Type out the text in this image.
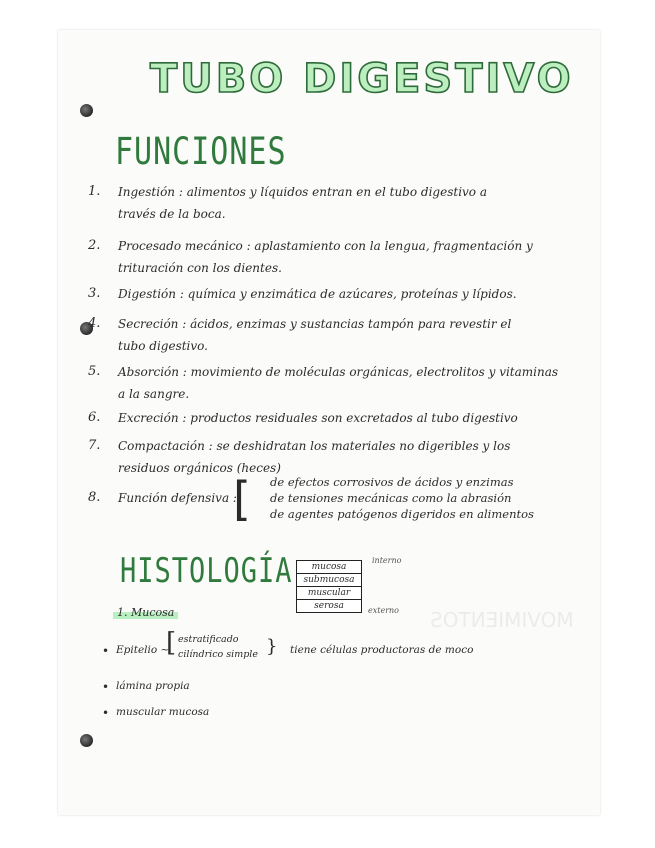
MOVIMIENTOS
TUBO DIGESTIVO
FUNCIONES
1. Ingestión : alimentos y líquidos entran en el tubo digestivo a
través de la boca.
2. Procesado mecánico : aplastamiento con la lengua, fragmentación y
trituración con los dientes.
3. Digestión : química y enzimática de azúcares, proteínas y lípidos.
4. Secreción : ácidos, enzimas y sustancias tampón para revestir el
tubo digestivo.
5. Absorción : movimiento de moléculas orgánicas, electrolitos y vitaminas
a la sangre.
6. Excreción : productos residuales son excretados al tubo digestivo
7. Compactación : se deshidratan los materiales no digeribles y los
residuos orgánicos (heces)
8. Función defensiva :
[ de efectos corrosivos de ácidos y enzimas
de tensiones mecánicas como la abrasión
de agentes patógenos digeridos en alimentos
HISTOLOGÍA	mucosa
submucosa
muscular
serosa
interno
externo
1. Mucosa
• Epitelio ~
[ estratificado
cilíndrico simple } tiene células productoras de moco
• lámina propia
• muscular mucosa
